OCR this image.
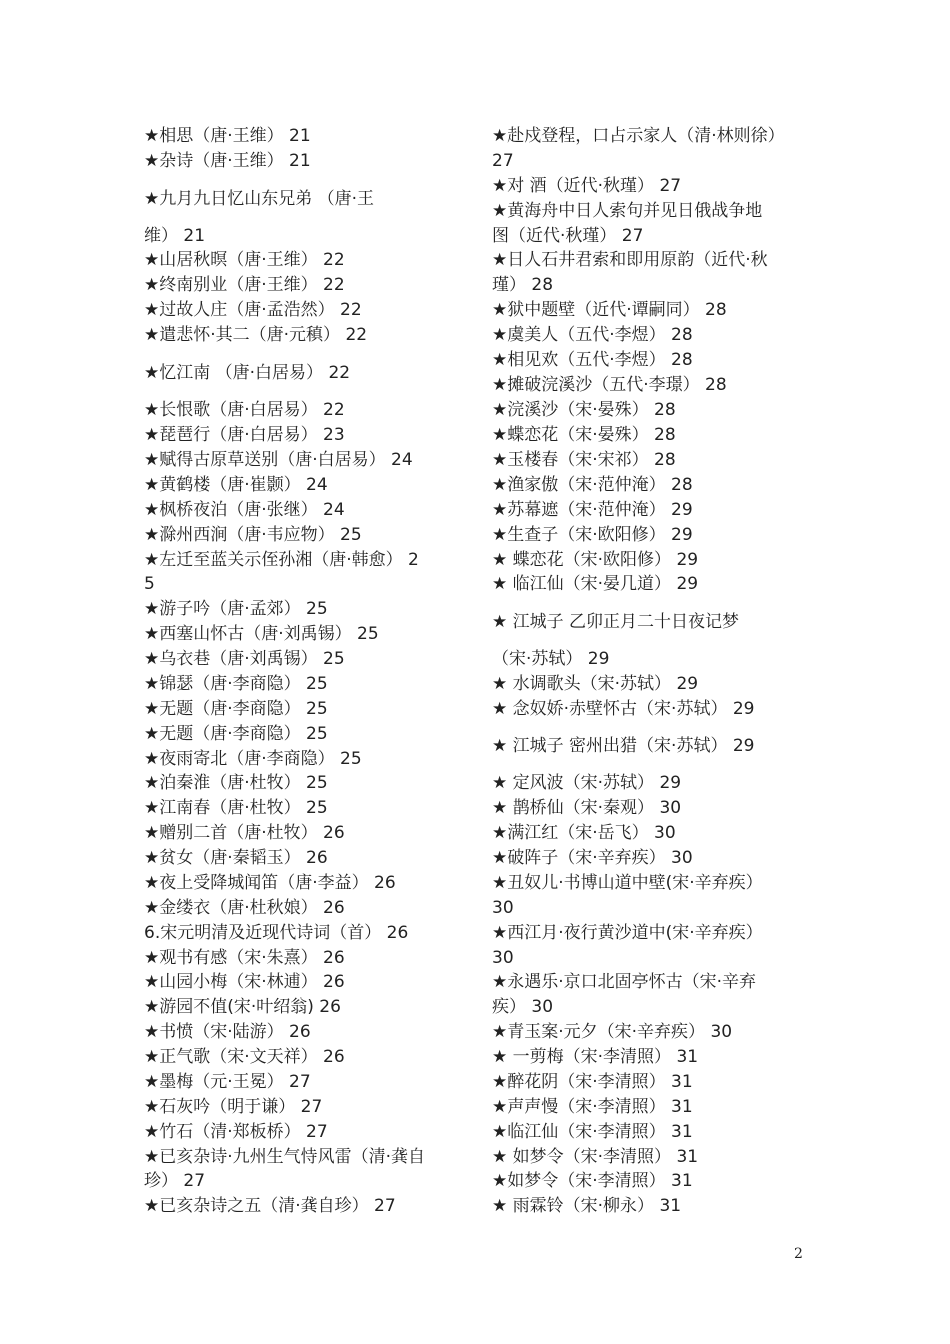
★相思（唐·王维） 21
★杂诗（唐·王维） 21
★九月九日忆山东兄弟 （唐·王
维） 21
★山居秋暝（唐·王维） 22
★终南别业（唐·王维） 22
★过故人庄（唐·孟浩然） 22
★遣悲怀·其二（唐·元稹） 22
★忆江南 （唐·白居易） 22
★长恨歌（唐·白居易） 22
★琵琶行（唐·白居易） 23
★赋得古原草送别（唐·白居易） 24
★黄鹤楼（唐·崔颢） 24
★枫桥夜泊（唐·张继） 24
★滁州西涧（唐·韦应物） 25
★左迁至蓝关示侄孙湘（唐·韩愈） 2
5
★游子吟（唐·孟郊） 25
★西塞山怀古（唐·刘禹锡） 25
★乌衣巷（唐·刘禹锡） 25
★锦瑟（唐·李商隐） 25
★无题（唐·李商隐） 25
★无题（唐·李商隐） 25
★夜雨寄北（唐·李商隐） 25
★泊秦淮（唐·杜牧） 25
★江南春（唐·杜牧） 25
★赠别二首（唐·杜牧） 26
★贫女（唐·秦韬玉） 26
★夜上受降城闻笛（唐·李益） 26
★金缕衣（唐·杜秋娘） 26
6.宋元明清及近现代诗词（首） 26
★观书有感（宋·朱熹） 26
★山园小梅（宋·林逋） 26
★游园不值(宋·叶绍翁) 26
★书愤（宋·陆游） 26
★正气歌（宋·文天祥） 26
★墨梅（元·王冕） 27
★石灰吟（明于谦） 27
★竹石（清·郑板桥） 27
★已亥杂诗·九州生气恃风雷（清·龚自
珍） 27
★已亥杂诗之五（清·龚自珍） 27
★赴戍登程，口占示家人（清·林则徐）
27
★对 酒（近代·秋瑾） 27
★黄海舟中日人索句并见日俄战争地
图（近代·秋瑾） 27
★日人石井君索和即用原韵（近代·秋
瑾） 28
★狱中题壁（近代·谭嗣同） 28
★虞美人（五代·李煜） 28
★相见欢（五代·李煜） 28
★摊破浣溪沙（五代·李璟） 28
★浣溪沙（宋·晏殊） 28
★蝶恋花（宋·晏殊） 28
★玉楼春（宋·宋祁） 28
★渔家傲（宋·范仲淹） 28
★苏幕遮（宋·范仲淹） 29
★生查子（宋·欧阳修） 29
★ 蝶恋花（宋·欧阳修） 29
★ 临江仙（宋·晏几道） 29
★ 江城子 乙卯正月二十日夜记梦
（宋·苏轼） 29
★ 水调歌头（宋·苏轼） 29
★ 念奴娇·赤壁怀古（宋·苏轼） 29
★ 江城子 密州出猎（宋·苏轼） 29
★ 定风波（宋·苏轼） 29
★ 鹊桥仙（宋·秦观） 30
★满江红（宋·岳飞） 30
★破阵子（宋·辛弃疾） 30
★丑奴儿·书博山道中壁(宋·辛弃疾）
30
★西江月·夜行黄沙道中(宋·辛弃疾）
30
★永遇乐·京口北固亭怀古（宋·辛弃
疾） 30
★青玉案·元夕（宋·辛弃疾） 30
★ 一剪梅（宋·李清照） 31
★醉花阴（宋·李清照） 31
★声声慢（宋·李清照） 31
★临江仙（宋·李清照） 31
★ 如梦令（宋·李清照） 31
★如梦令（宋·李清照） 31
★ 雨霖铃（宋·柳永） 31
2
